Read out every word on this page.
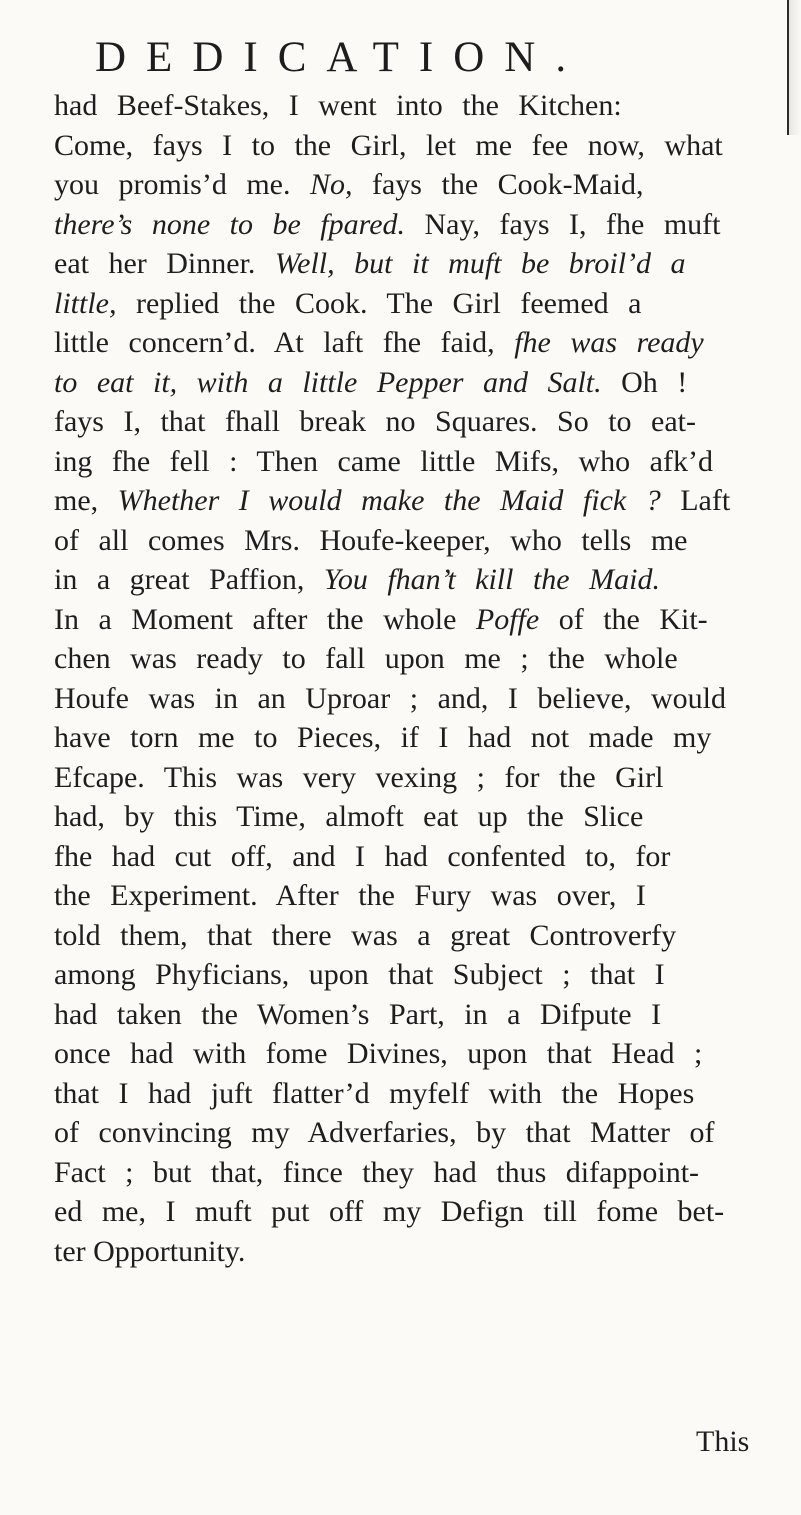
DEDICATION.
had Beef-Stakes, I went into the Kitchen:
Come, fays I to the Girl, let me fee now, what
you promis’d me. No, fays the Cook-Maid,
there’s none to be fpared. Nay, fays I, fhe muft
eat her Dinner. Well, but it muft be broil’d a
little, replied the Cook. The Girl feemed a
little concern’d. At laft fhe faid, fhe was ready
to eat it, with a little Pepper and Salt. Oh !
fays I, that fhall break no Squares. So to eat-
ing fhe fell : Then came little Mifs, who afk’d
me, Whether I would make the Maid fick ? Laft
of all comes Mrs. Houfe-keeper, who tells me
in a great Paffion, You fhan’t kill the Maid.
In a Moment after the whole Poffe of the Kit-
chen was ready to fall upon me ; the whole
Houfe was in an Uproar ; and, I believe, would
have torn me to Pieces, if I had not made my
Efcape. This was very vexing ; for the Girl
had, by this Time, almoft eat up the Slice
fhe had cut off, and I had confented to, for
the Experiment. After the Fury was over, I
told them, that there was a great Controverfy
among Phyficians, upon that Subject ; that I
had taken the Women’s Part, in a Difpute I
once had with fome Divines, upon that Head ;
that I had juft flatter’d myfelf with the Hopes
of convincing my Adverfaries, by that Matter of
Fact ; but that, fince they had thus difappoint-
ed me, I muft put off my Defign till fome bet-
ter Opportunity.
This
